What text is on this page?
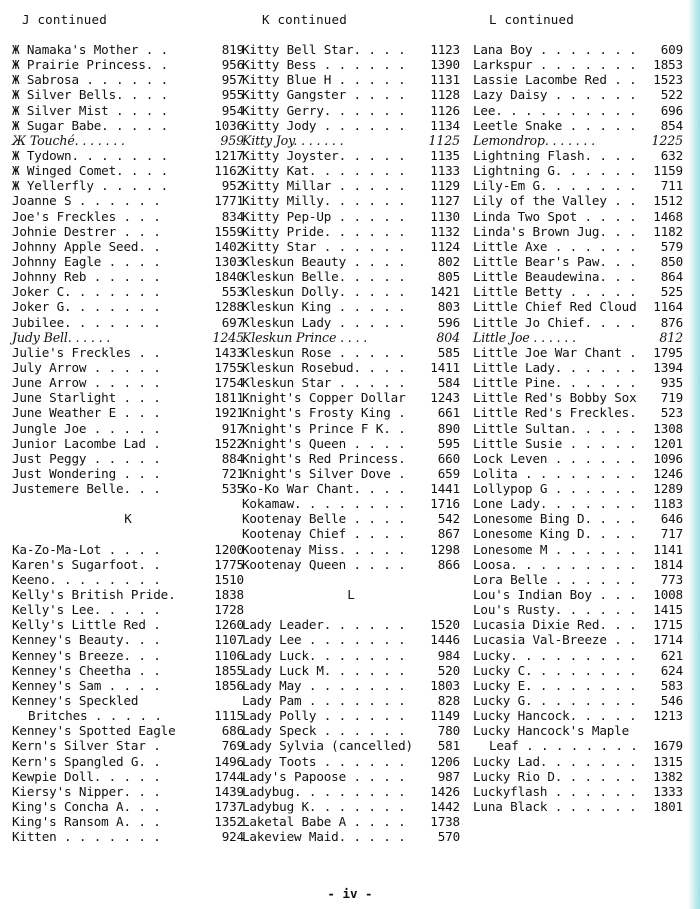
J continued
Ж Namaka's Mother . .	819
Ж Prairie Princess. .	956
Ж Sabrosa . . . . . .	957
Ж Silver Bells. . . .	955
Ж Silver Mist . . . .	954
Ж Sugar Babe. . . . .	1036
Ж Touché. . . . . . .	959
Ж Tydown. . . . . . .	1217
Ж Winged Comet. . . .	1162
Ж Yellerfly . . . . .	952
Joanne S . . . . . .	1771
Joe's Freckles . . .	834
Johnie Destrer . . .	1559
Johnny Apple Seed. .	1402
Johnny Eagle . . . .	1303
Johnny Reb . . . . .	1840
Joker C. . . . . . .	553
Joker G. . . . . . .	1288
Jubilee. . . . . . .	697
Judy Bell. . . . . .	1245
Julie's Freckles . .	1433
July Arrow . . . . .	1755
June Arrow . . . . .	1754
June Starlight . . .	1811
June Weather E . . .	1921
Jungle Joe . . . . .	917
Junior Lacombe Lad .	1522
Just Peggy . . . . .	884
Just Wondering . . .	721
Justemere Belle. . .	535
K
Ka-Zo-Ma-Lot . . . .	1200
Karen's Sugarfoot. .	1775
Keeno. . . . . . . .	1510
Kelly's British Pride.	1838
Kelly's Lee. . . . .	1728
Kelly's Little Red .	1260
Kenney's Beauty. . .	1107
Kenney's Breeze. . .	1106
Kenney's Cheetha . .	1855
Kenney's Sam . . . .	1856
Kenney's Speckled
Britches . . . . .	1115
Kenney's Spotted Eagle	686
Kern's Silver Star .	769
Kern's Spangled G. .	1496
Kewpie Doll. . . . .	1744
Kiersy's Nipper. . .	1439
King's Concha A. . .	1737
King's Ransom A. . .	1352
Kitten . . . . . . .	924
K continued
Kitty Bell Star. . . . 1123
Kitty Bess . . . . . . 1390
Kitty Blue H . . . . . 1131
Kitty Gangster . . . . 1128
Kitty Gerry. . . . . . 1126
Kitty Jody . . . . . . 1134
Kitty Joy. . . . . . .	1125
Kitty Joyster. . . . . 1135
Kitty Kat. . . . . . . 1133
Kitty Millar . . . . . 1129
Kitty Milly. . . . . . 1127
Kitty Pep-Up . . . . . 1130
Kitty Pride. . . . . . 1132
Kitty Star . . . . . . 1124
Kleskun Beauty . . . .	802
Kleskun Belle. . . . .	805
Kleskun Dolly. . . . . 1421
Kleskun King . . . . .	803
Kleskun Lady . . . . .	596
Kleskun Prince . . . .	804
Kleskun Rose . . . . .	585
Kleskun Rosebud. . . . 1411
Kleskun Star . . . . .	584
Knight's Copper Dollar 1243
Knight's Frosty King .	661
Knight's Prince F K. .	890
Knight's Queen . . . .	595
Knight's Red Princess.	660
Knight's Silver Dove .	659
Ko-Ko War Chant. . . . 1441
Kokamaw. . . . . . . . 1716
Kootenay Belle . . . .	542
Kootenay Chief . . . .	867
Kootenay Miss. . . . . 1298
Kootenay Queen . . . .	866
L
Lady Leader. . . . . . 1520
Lady Lee . . . . . . . 1446
Lady Luck. . . . . . .	984
Lady Luck M. . . . . .	520
Lady May . . . . . . . 1803
Lady Pam . . . . . . .	828
Lady Polly . . . . . . 1149
Lady Speck . . . . . .	780
Lady Sylvia (cancelled) 581
Lady Toots . . . . . . 1206
Lady's Papoose . . . .	987
Ladybug. . . . . . . . 1426
Ladybug K. . . . . . . 1442
Laketal Babe A . . . . 1738
Lakeview Maid. . . . .	570
L continued
Lana Boy . . . . . . . 609
Larkspur . . . . . . . 1853
Lassie Lacombe Red . . 1523
Lazy Daisy . . . . . . 522
Lee. . . . . . . . . . 696
Leetle Snake . . . . . 854
Lemondrop. . . . . . .	1225
Lightning Flash. . . . 632
Lightning G. . . . . . 1159
Lily-Em G. . . . . . . 711
Lily of the Valley . . 1512
Linda Two Spot . . . . 1468
Linda's Brown Jug. . . 1182
Little Axe . . . . . . 579
Little Bear's Paw. . . 850
Little Beaudewina. . . 864
Little Betty . . . . . 525
Little Chief Red Cloud 1164
Little Jo Chief. . . . 876
Little Joe . . . . . .	812
Little Joe War Chant . 1795
Little Lady. . . . . . 1394
Little Pine. . . . . . 935
Little Red's Bobby Sox 719
Little Red's Freckles. 523
Little Sultan. . . . . 1308
Little Susie . . . . . 1201
Lock Leven . . . . . . 1096
Lolita . . . . . . . . 1246
Lollypop G . . . . . . 1289
Lone Lady. . . . . . . 1183
Lonesome Bing D. . . . 646
Lonesome King D. . . . 717
Lonesome M . . . . . . 1141
Loosa. . . . . . . . . 1814
Lora Belle . . . . . . 773
Lou's Indian Boy . . . 1008
Lou's Rusty. . . . . . 1415
Lucasia Dixie Red. . . 1715
Lucasia Val-Breeze . . 1714
Lucky. . . . . . . . . 621
Lucky C. . . . . . . . 624
Lucky E. . . . . . . . 583
Lucky G. . . . . . . . 546
Lucky Hancock. . . . . 1213
Lucky Hancock's Maple
Leaf . . . . . . . . 1679
Lucky Lad. . . . . . . 1315
Lucky Rio D. . . . . . 1382
Luckyflash . . . . . . 1333
Luna Black . . . . . . 1801
- iv -
